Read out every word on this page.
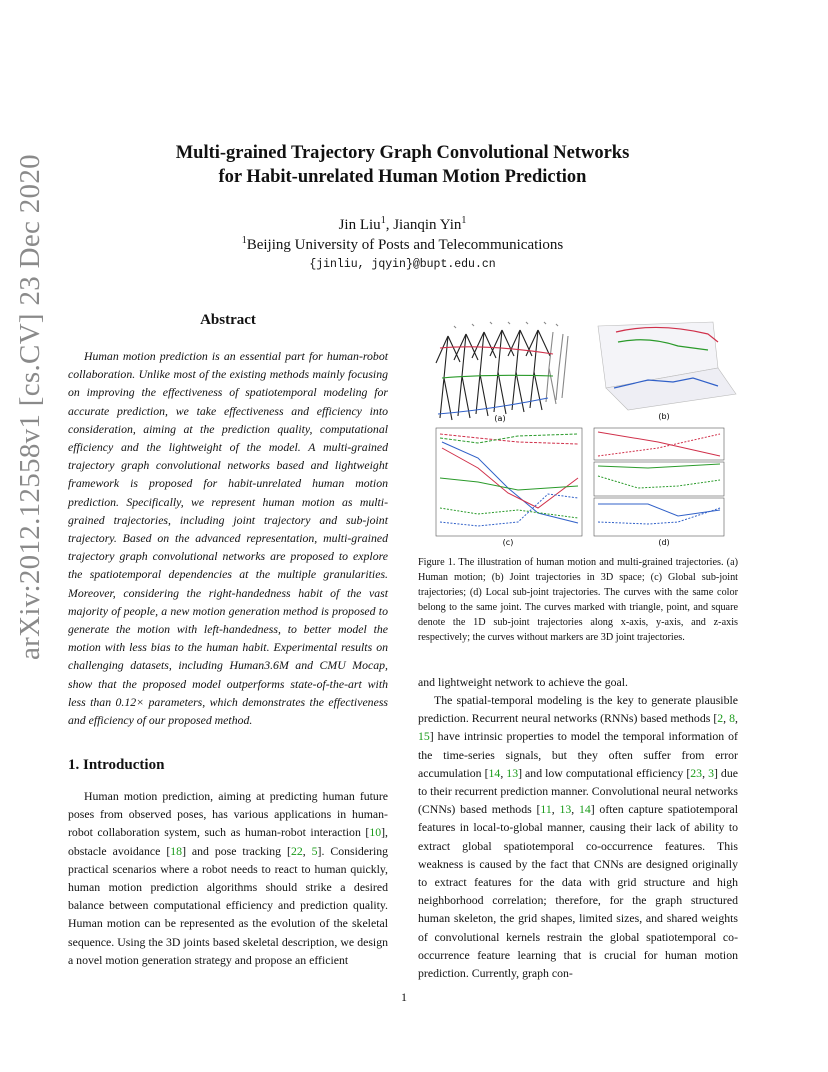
arXiv:2012.12558v1 [cs.CV] 23 Dec 2020
Multi-grained Trajectory Graph Convolutional Networks
for Habit-unrelated Human Motion Prediction
Jin Liu$^1$, Jianqin Yin$^1$
$^1$Beijing University of Posts and Telecommunications
{jinliu, jqyin}@bupt.edu.cn
Abstract

Human motion prediction is an essential part for human-robot collaboration. Unlike most of the existing methods mainly focusing on improving the effectiveness of spatiotemporal modeling for accurate prediction, we take effectiveness and efficiency into consideration, aiming at the prediction quality, computational efficiency and the lightweight of the model. A multi-grained trajectory graph convolutional networks based and lightweight framework is proposed for habit-unrelated human motion prediction. Specifically, we represent human motion as multi-grained trajectories, including joint trajectory and sub-joint trajectory. Based on the advanced representation, multi-grained trajectory graph convolutional networks are proposed to explore the spatiotemporal dependencies at the multiple granularities. Moreover, considering the right-handedness habit of the vast majority of people, a new motion generation method is proposed to generate the motion with left-handedness, to better model the motion with less bias to the human habit. Experimental results on challenging datasets, including Human3.6M and CMU Mocap, show that the proposed model outperforms state-of-the-art with less than 0.12× parameters, which demonstrates the effectiveness and efficiency of our proposed method.

1. Introduction

Human motion prediction, aiming at predicting human future poses from observed poses, has various applications in human-robot collaboration system, such as human-robot interaction [10], obstacle avoidance [18] and pose tracking [22, 5]. Considering practical scenarios where a robot needs to react to human quickly, human motion prediction algorithms should strike a desired balance between computational efficiency and prediction quality. Human motion can be represented as the evolution of the skeletal sequence. Using the 3D joints based skeletal description, we design a novel motion generation strategy and propose an efficient

(a)	(b)
(c)	(d)

Figure 1. The illustration of human motion and multi-grained trajectories. (a) Human motion; (b) Joint trajectories in 3D space; (c) Global sub-joint trajectories; (d) Local sub-joint trajectories. The curves with the same color belong to the same joint. The curves marked with triangle, point, and square denote the 1D sub-joint trajectories along x-axis, y-axis, and z-axis respectively; the curves without markers are 3D joint trajectories.

and lightweight network to achieve the goal.

The spatial-temporal modeling is the key to generate plausible prediction. Recurrent neural networks (RNNs) based methods [2, 8, 15] have intrinsic properties to model the temporal information of the time-series signals, but they often suffer from error accumulation [14, 13] and low computational efficiency [23, 3] due to their recurrent prediction manner. Convolutional neural networks (CNNs) based methods [11, 13, 14] often capture spatiotemporal features in local-to-global manner, causing their lack of ability to extract global spatiotemporal co-occurrence features. This weakness is caused by the fact that CNNs are designed originally to extract features for the data with grid structure and high neighborhood correlation; therefore, for the graph structured human skeleton, the grid shapes, limited sizes, and shared weights of convolutional kernels restrain the global spatiotemporal co-occurrence feature learning that is crucial for human motion prediction. Currently, graph con-

1
